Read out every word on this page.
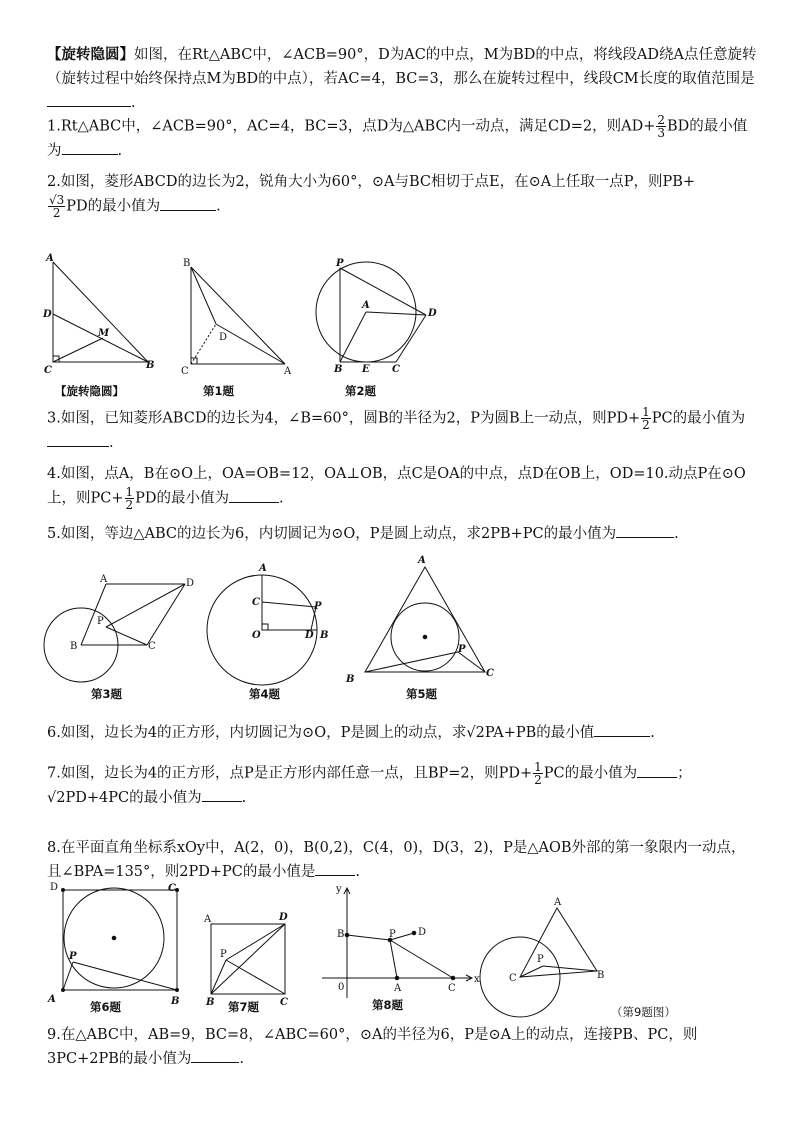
【旋转隐圆】如图，在Rt△ABC中，∠ACB=90°，D为AC的中点，M为BD的中点，将线段AD绕A点任意旋转（旋转过程中始终保持点M为BD的中点），若AC=4，BC=3，那么在旋转过程中，线段CM长度的取值范围是.
1.Rt△ABC中，∠ACB=90°，AC=4，BC=3，点D为△ABC内一动点，满足CD=2，则$AD+ \frac{2}{3}$ BD的最小值为	.
2.如图，菱形ABCD的边长为2，锐角大小为60°，⊙A与BC相切于点E，在⊙A上任取一点P，则PB+

$\frac{√3}{2}$ PD的最小值为	.
A
D
M
C	B
B
D
C	A
P
A
D
B E C
【旋转隐圆】	第1题	第2题
3.如图，已知菱形ABCD的边长为4，∠B=60°，圆B的半径为2，P为圆B上一动点，则$PD+ \frac{1}{2}$ PC的最小值为.
4.如图，点A，B在⊙O上，OA=OB=12，OA⊥OB，点C是OA的中点，点D在OB上，OD=10.动点P在⊙O上，则$PC+ \frac{1}{2}$ PD的最小值为	.
5.如图，等边△ABC的边长为6，内切圆记为⊙O，P是圆上动点，求2PB+PC的最小值为	.
A	D
P
B	C
A
C	P
O	D B
A
B
C
P
第3题	第4题	第5题
6.如图，边长为4的正方形，内切圆记为⊙O，P是圆上的动点，求√2PA+PB的最小值	.
7.如图，边长为4的正方形，点P是正方形内部任意一点，且BP=2，则$PD+ \frac{1}{2}$ PC的最小值为	；
√2PD+4PC的最小值为	.
8.在平面直角坐标系xOy中，A(2，0)，B(0,2)，C(4，0)，D(3，2)，P是△AOB外部的第一象限内一动点，且∠BPA=135°，则2PD+PC的最小值是	.
D	C
P
A	B
A	D
P
B	C
y
x
B	P D
0	A	C
A
P
C	B
第6题	第7题	第8题	（第9题图）
9.在△ABC中，AB=9，BC=8，∠ABC=60°，⊙A的半径为6，P是⊙A上的动点，连接PB、PC，则3PC+2PB的最小值为	.
